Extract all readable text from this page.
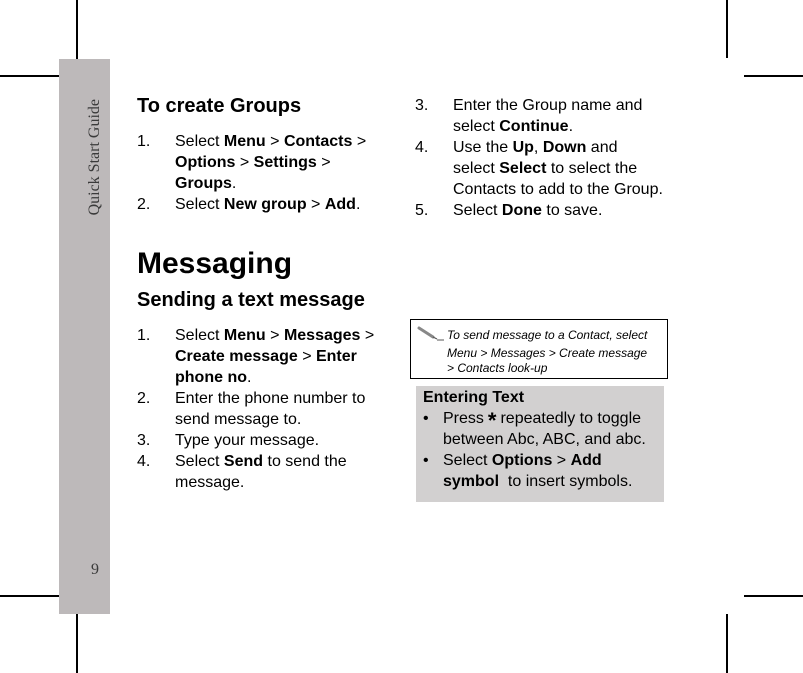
Quick Start Guide
9
To create Groups
1. Select Menu > Contacts >
Options > Settings >
Groups.
2. Select New group > Add.
3. Enter the Group name and
select Continue.
4. Use the Up, Down and
select Select to select the
Contacts to add to the Group.
5. Select Done to save.
Messaging
Sending a text message
1. Select Menu > Messages >
Create message > Enter
phone no.
2. Enter the phone number to
send message to.
3. Type your message.
4. Select Send to send the
message.
To send message to a Contact, select
Menu > Messages > Create message
> Contacts look-up
Entering Text
• Press * repeatedly to toggle
between Abc, ABC, and abc.
• Select Options > Add
symbol  to insert symbols.
